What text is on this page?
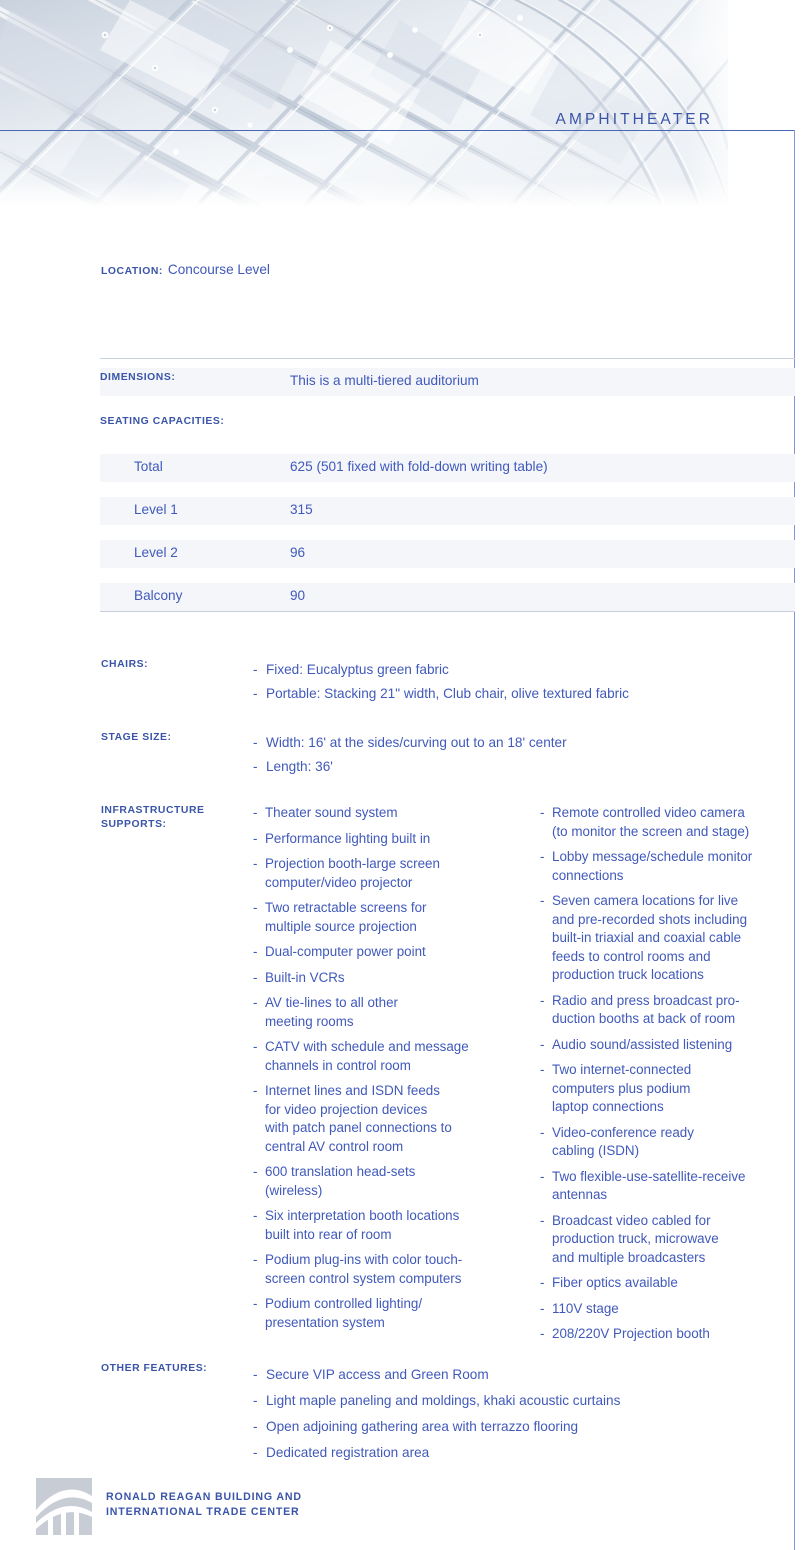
AMPHITHEATER
LOCATION: Concourse Level
DIMENSIONS:	This is a multi-tiered auditorium
SEATING CAPACITIES:
Total	625 (501 fixed with fold-down writing table)
Level 1	315
Level 2	96
Balcony	90
CHAIRS:	- Fixed: Eucalyptus green fabric
- Portable: Stacking 21" width, Club chair, olive textured fabric
STAGE SIZE:	- Width: 16' at the sides/curving out to an 18' center
- Length: 36'
INFRASTRUCTURE
SUPPORTS:
- Theater sound system
- Performance lighting built in
- Projection booth-large screen
computer/video projector
- Two retractable screens for
multiple source projection
- Dual-computer power point
- Built-in VCRs
- AV tie-lines to all other
meeting rooms
- CATV with schedule and message
channels in control room
- Internet lines and ISDN feeds
for video projection devices
with patch panel connections to
central AV control room
- 600 translation head-sets
(wireless)
- Six interpretation booth locations
built into rear of room
- Podium plug-ins with color touch-
screen control system computers
- Podium controlled lighting/
presentation system
- Remote controlled video camera
(to monitor the screen and stage)
- Lobby message/schedule monitor
connections
- Seven camera locations for live
and pre-recorded shots including
built-in triaxial and coaxial cable
feeds to control rooms and
production truck locations
- Radio and press broadcast pro-
duction booths at back of room
- Audio sound/assisted listening
- Two internet-connected
computers plus podium
laptop connections
- Video-conference ready
cabling (ISDN)
- Two flexible-use-satellite-receive
antennas
- Broadcast video cabled for
production truck, microwave
and multiple broadcasters
- Fiber optics available
- 110V stage
- 208/220V Projection booth
OTHER FEATURES:	- Secure VIP access and Green Room
- Light maple paneling and moldings, khaki acoustic curtains
- Open adjoining gathering area with terrazzo flooring
- Dedicated registration area
RONALD REAGAN BUILDING AND
INTERNATIONAL TRADE CENTER
